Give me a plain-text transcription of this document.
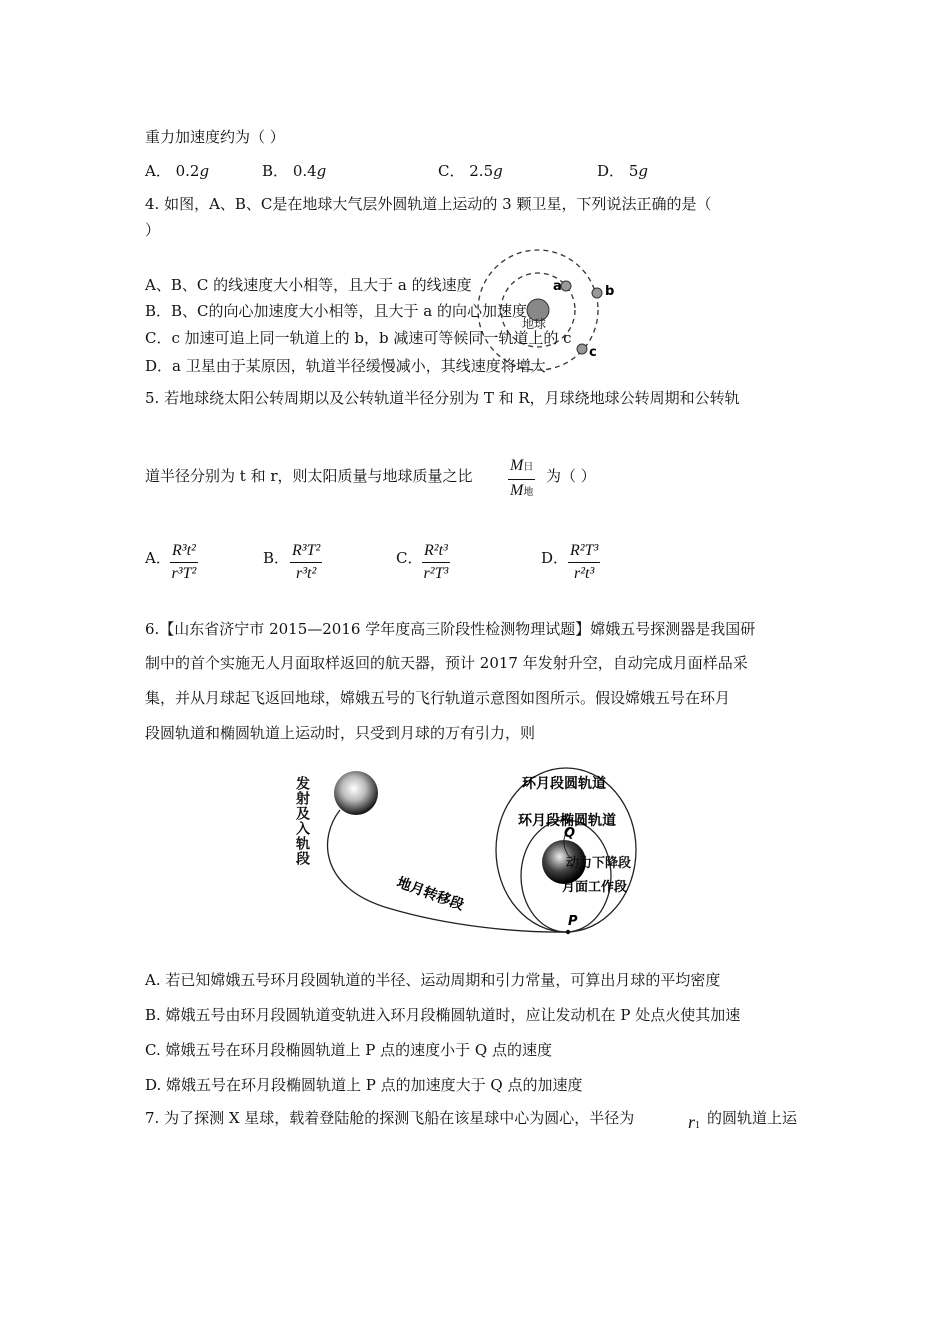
重力加速度约为（ ）
A． 0.2g	B． 0.4g	C． 2.5g	D． 5g
4. 如图，A、B、C是在地球大气层外圆轨道上运动的 3 颗卫星，下列说法正确的是（
）
地球
a	b
c
A、B、C 的线速度大小相等，且大于 a 的线速度
B．B、C的向心加速度大小相等，且大于 a 的向心加速度
C．c 加速可追上同一轨道上的 b，b 减速可等候同一轨道上的 c
D．a 卫星由于某原因，轨道半径缓慢减小，其线速度将增大
5. 若地球绕太阳公转周期以及公转轨道半径分别为 T 和 R，月球绕地球公转周期和公转轨
道半径分别为 t 和 r，则太阳质量与地球质量之比
M日
M地
为（ ）
A． $\frac{\text{R³t²}}{\text{r³T²}}$	B． $\frac{\text{R³T²}}{\text{r³t²}}$	C． $\frac{\text{R²t³}}{\text{r²T³}}$	D． $\frac{\text{R²T³}}{\text{r²t³}}$
6.【山东省济宁市 2015—2016 学年度高三阶段性检测物理试题】嫦娥五号探测器是我国研
制中的首个实施无人月面取样返回的航天器，预计 2017 年发射升空，自动完成月面样品采
集，并从月球起飞返回地球，嫦娥五号的飞行轨道示意图如图所示。假设嫦娥五号在环月
段圆轨道和椭圆轨道上运动时，只受到月球的万有引力，则
发射及入轨段
地月转移段
环月段圆轨道
环月段椭圆轨道
Q
动力下降段
月面工作段
P
A. 若已知嫦娥五号环月段圆轨道的半径、运动周期和引力常量，可算出月球的平均密度
B. 嫦娥五号由环月段圆轨道变轨进入环月段椭圆轨道时，应让发动机在 P 处点火使其加速
C. 嫦娥五号在环月段椭圆轨道上 P 点的速度小于 Q 点的速度
D. 嫦娥五号在环月段椭圆轨道上 P 点的加速度大于 Q 点的加速度
7. 为了探测 X 星球，载着登陆舱的探测飞船在该星球中心为圆心，半径为	r1 的圆轨道上运
